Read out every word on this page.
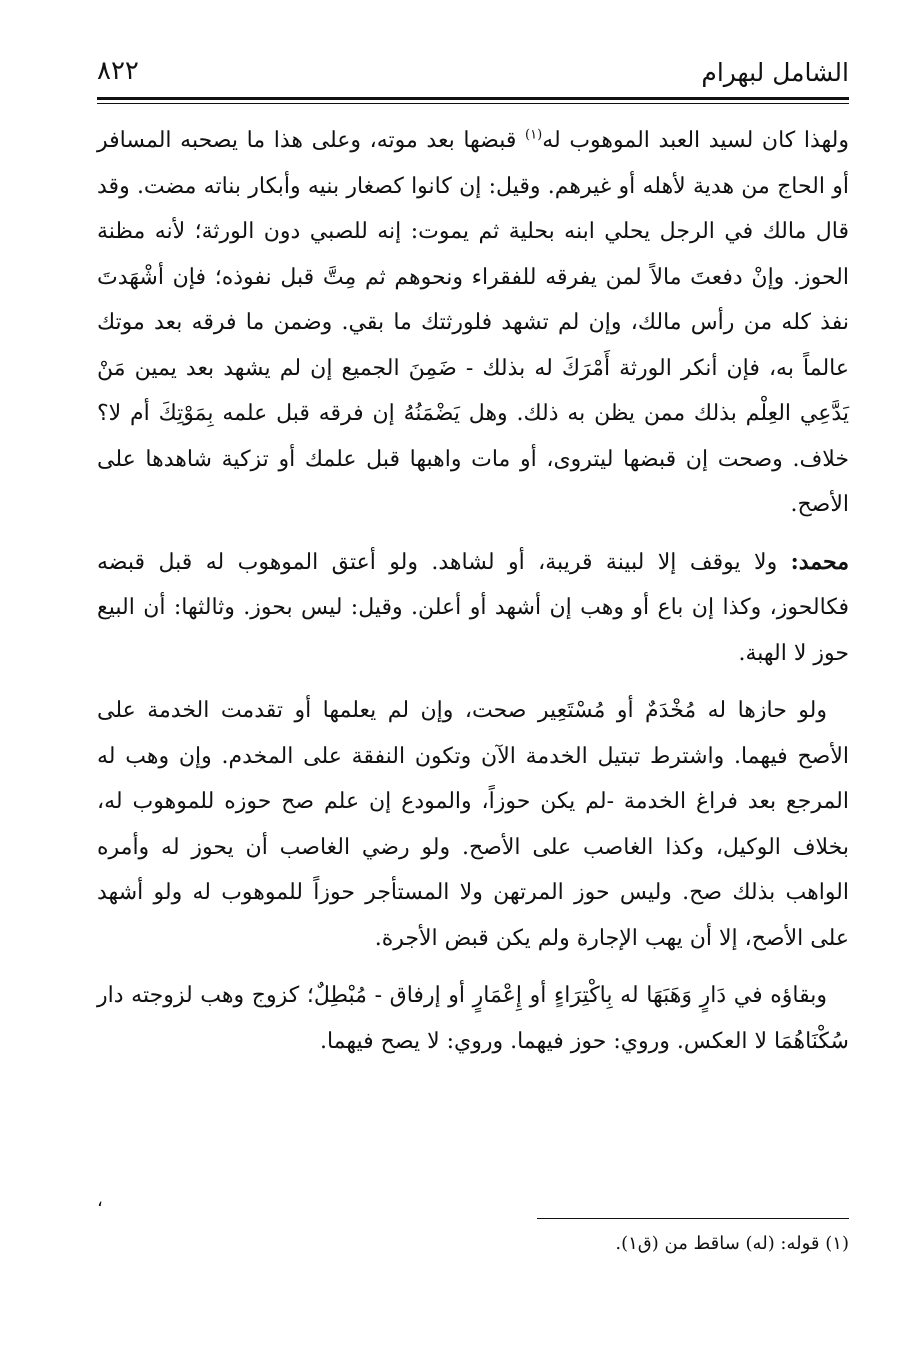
الشامل لبهرام
٨٢٢

ولهذا كان لسيد العبد الموهوب له$^{(١)}$ قبضها بعد موته، وعلى هذا ما يصحبه المسافر أو الحاج من هدية لأهله أو غيرهم. وقيل: إن كانوا كصغار بنيه وأبكار بناته مضت. وقد قال مالك في الرجل يحلي ابنه بحلية ثم يموت: إنه للصبي دون الورثة؛ لأنه مظنة الحوز. وإنْ دفعتَ مالاً لمن يفرقه للفقراء ونحوهم ثم مِتَّ قبل نفوذه؛ فإن أشْهَدتَ نفذ كله من رأس مالك، وإن لم تشهد فلورثتك ما بقي. وضمن ما فرقه بعد موتك عالماً به، فإن أنكر الورثة أَمْرَكَ له بذلك - ضَمِنَ الجميع إن لم يشهد بعد يمين مَنْ يَدَّعِي العِلْم بذلك ممن يظن به ذلك. وهل يَضْمَنُهُ إن فرقه قبل علمه بِمَوْتِكَ أم لا؟ خلاف. وصحت إن قبضها ليتروى، أو مات واهبها قبل علمك أو تزكية شاهدها على الأصح.

محمد: ولا يوقف إلا لبينة قريبة، أو لشاهد. ولو أعتق الموهوب له قبل قبضه فكالحوز، وكذا إن باع أو وهب إن أشهد أو أعلن. وقيل: ليس بحوز. وثالثها: أن البيع حوز لا الهبة.

ولو حازها له مُخْدَمٌ أو مُسْتَعِير صحت، وإن لم يعلمها أو تقدمت الخدمة على الأصح فيهما. واشترط تبتيل الخدمة الآن وتكون النفقة على المخدم. وإن وهب له المرجع بعد فراغ الخدمة -لم يكن حوزاً، والمودع إن علم صح حوزه للموهوب له، بخلاف الوكيل، وكذا الغاصب على الأصح. ولو رضي الغاصب أن يحوز له وأمره الواهب بذلك صح. وليس حوز المرتهن ولا المستأجر حوزاً للموهوب له ولو أشهد على الأصح، إلا أن يهب الإجارة ولم يكن قبض الأجرة.

وبقاؤه في دَارٍ وَهَبَهَا له بِاكْتِرَاءٍ أو إِعْمَارٍ أو إرفاق - مُبْطِلٌ؛ كزوج وهب لزوجته دار سُكْنَاهُمَا لا العكس. وروي: حوز فيهما. وروي: لا يصح فيهما.

،
(١) قوله: (له) ساقط من (ق١).
